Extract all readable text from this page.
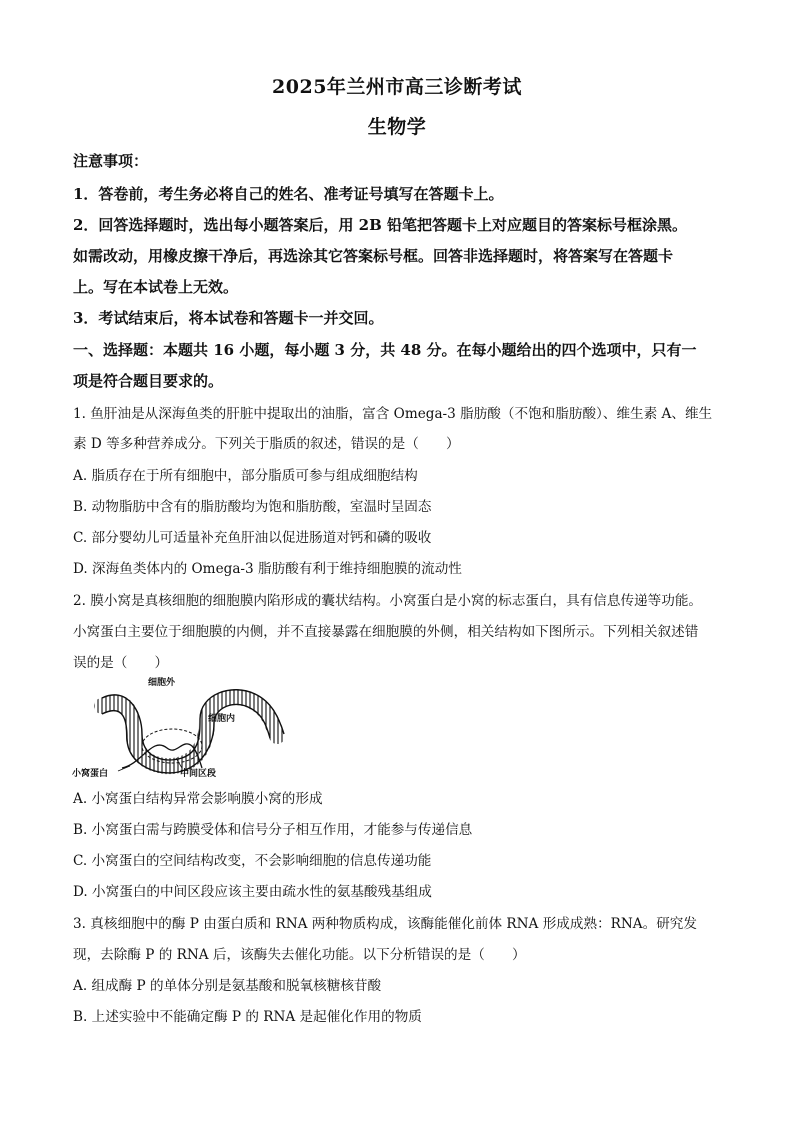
2025年兰州市高三诊断考试
生物学
注意事项：
1．答卷前，考生务必将自己的姓名、准考证号填写在答题卡上。
2．回答选择题时，选出每小题答案后，用 2B 铅笔把答题卡上对应题目的答案标号框涂黑。
如需改动，用橡皮擦干净后，再选涂其它答案标号框。回答非选择题时，将答案写在答题卡
上。写在本试卷上无效。
3．考试结束后，将本试卷和答题卡一并交回。
一、选择题：本题共 16 小题，每小题 3 分，共 48 分。在每小题给出的四个选项中，只有一
项是符合题目要求的。
1. 鱼肝油是从深海鱼类的肝脏中提取出的油脂，富含 Omega-3 脂肪酸（不饱和脂肪酸）、维生素 A、维生
素 D 等多种营养成分。下列关于脂质的叙述，错误的是（　　）
A. 脂质存在于所有细胞中，部分脂质可参与组成细胞结构
B. 动物脂肪中含有的脂肪酸均为饱和脂肪酸，室温时呈固态
C. 部分婴幼儿可适量补充鱼肝油以促进肠道对钙和磷的吸收
D. 深海鱼类体内的 Omega-3 脂肪酸有利于维持细胞膜的流动性
2. 膜小窝是真核细胞的细胞膜内陷形成的囊状结构。小窝蛋白是小窝的标志蛋白，具有信息传递等功能。
小窝蛋白主要位于细胞膜的内侧，并不直接暴露在细胞膜的外侧，相关结构如下图所示。下列相关叙述错
误的是（　　）
细胞外
细胞内
小窝蛋白	中间区段
A. 小窝蛋白结构异常会影响膜小窝的形成
B. 小窝蛋白需与跨膜受体和信号分子相互作用，才能参与传递信息
C. 小窝蛋白的空间结构改变，不会影响细胞的信息传递功能
D. 小窝蛋白的中间区段应该主要由疏水性的氨基酸残基组成
3. 真核细胞中的酶 P 由蛋白质和 RNA 两种物质构成，该酶能催化前体 RNA 形成成熟：RNA。研究发
现，去除酶 P 的 RNA 后，该酶失去催化功能。以下分析错误的是（　　）
A. 组成酶 P 的单体分别是氨基酸和脱氧核糖核苷酸
B. 上述实验中不能确定酶 P 的 RNA 是起催化作用的物质
